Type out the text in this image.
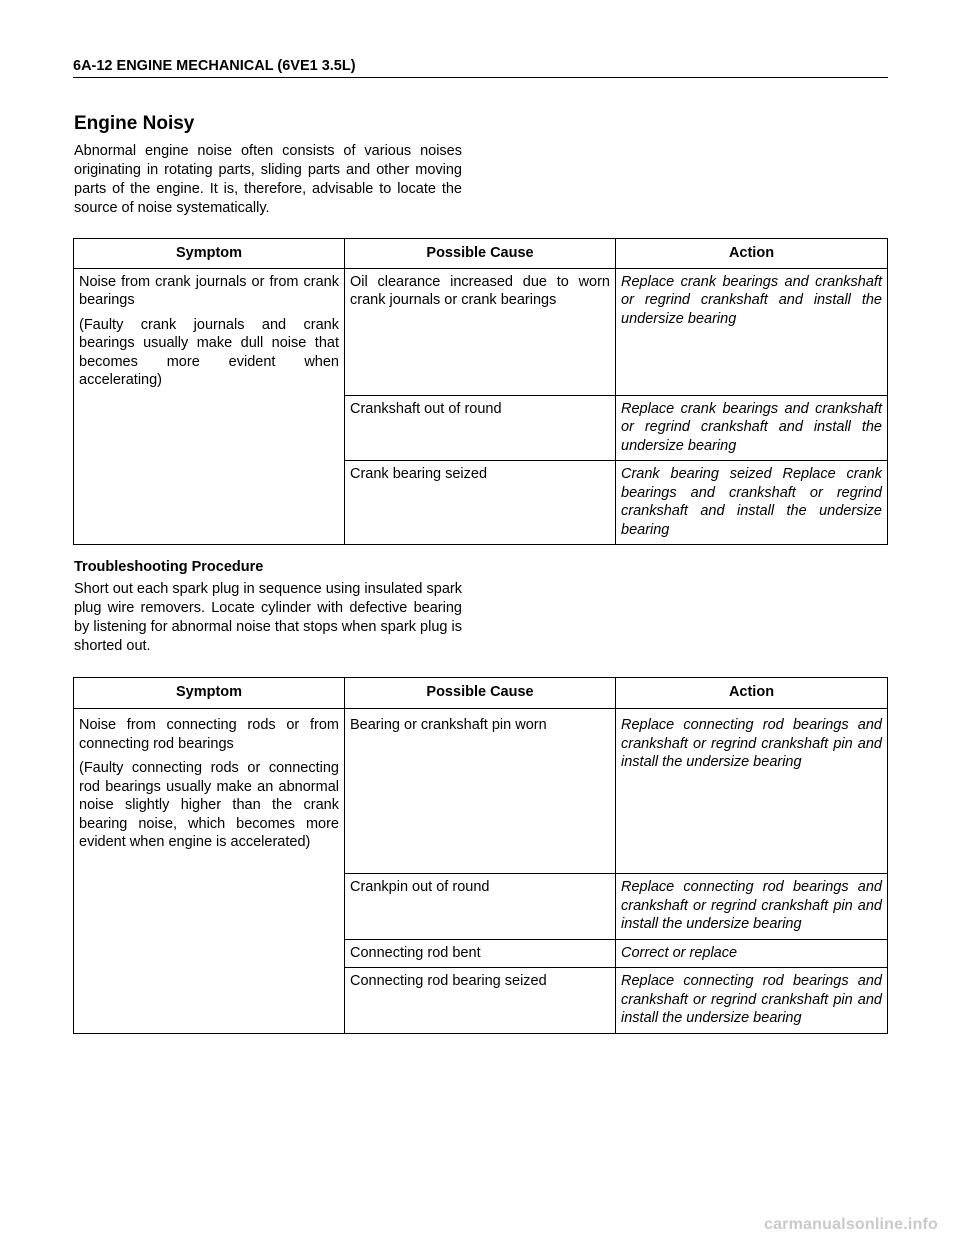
6A-12 ENGINE MECHANICAL (6VE1 3.5L)
Engine Noisy
Abnormal engine noise often consists of various noises originating in rotating parts, sliding parts and other moving parts of the engine. It is, therefore, advisable to locate the source of noise systematically.
Symptom	Possible Cause	Action

Noise from crank journals or from crank bearings

(Faulty crank journals and crank bearings usually make dull noise that becomes more evident when accelerating)	Oil clearance increased due to worn crank journals or crank bearings	Replace crank bearings and crankshaft or regrind crankshaft and install the undersize bearing
	Crankshaft out of round	Replace crank bearings and crankshaft or regrind crankshaft and install the undersize bearing
	Crank bearing seized	Crank bearing seized Replace crank bearings and crankshaft or regrind crankshaft and install the undersize bearing
Troubleshooting Procedure
Short out each spark plug in sequence using insulated spark plug wire removers. Locate cylinder with defective bearing by listening for abnormal noise that stops when spark plug is shorted out.
Symptom	Possible Cause	Action

Noise from connecting rods or from connecting rod bearings

(Faulty connecting rods or connecting rod bearings usually make an abnormal noise slightly higher than the crank bearing noise, which becomes more evident when engine is accelerated)	Bearing or crankshaft pin worn	Replace connecting rod bearings and crankshaft or regrind crankshaft pin and install the undersize bearing
	Crankpin out of round	Replace connecting rod bearings and crankshaft or regrind crankshaft pin and install the undersize bearing
	Connecting rod bent	Correct or replace
	Connecting rod bearing seized	Replace connecting rod bearings and crankshaft or regrind crankshaft pin and install the undersize bearing
carmanualsonline.info
